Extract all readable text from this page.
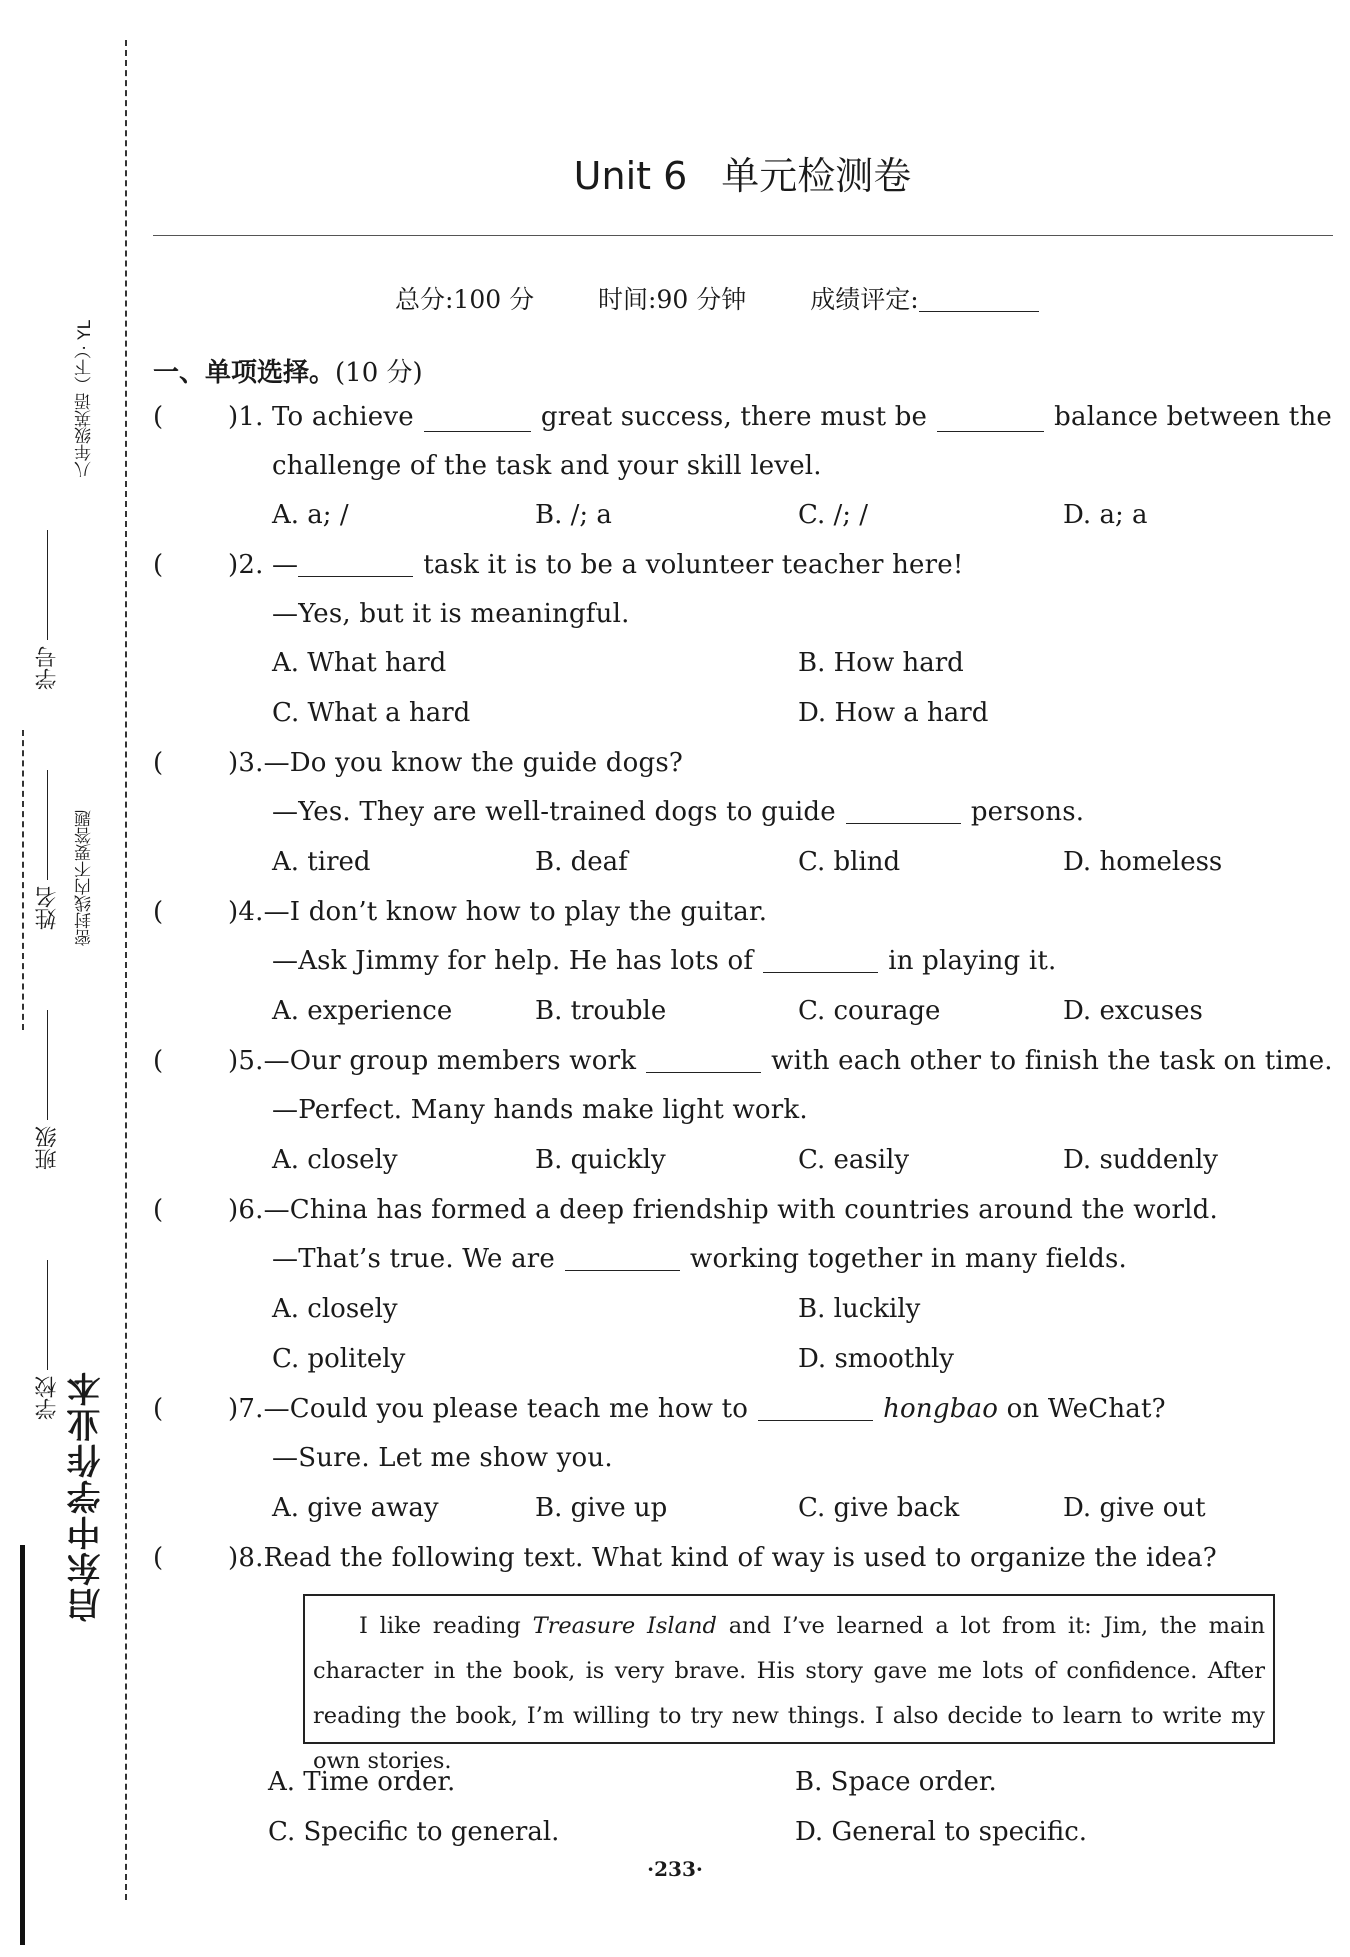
启东中学作业本
八年级英语（下）· YL
密封线内不要答题
学校
班级
姓名
学号
Unit 6 单元检测卷
总分:100 分	时间:90 分钟	成绩评定:
一、单项选择。(10 分)
( )1. To achieve	great success, there must be	balance between the
challenge of the task and your skill level.
A. a; /	B. /; a	C. /; /	D. a; a
( )2. —	task it is to be a volunteer teacher here!
—Yes, but it is meaningful.
A. What hard	B. How hard
C. What a hard	D. How a hard
( )3.—Do you know the guide dogs?
—Yes. They are well-trained dogs to guide	persons.
A. tired	B. deaf	C. blind	D. homeless
( )4.—I don’t know how to play the guitar.
—Ask Jimmy for help. He has lots of	in playing it.
A. experience	B. trouble	C. courage	D. excuses
( )5.—Our group members work	with each other to finish the task on time.
—Perfect. Many hands make light work.
A. closely	B. quickly	C. easily	D. suddenly
( )6.—China has formed a deep friendship with countries around the world.
—That’s true. We are	working together in many fields.
A. closely	B. luckily
C. politely	D. smoothly
( )7.—Could you please teach me how to	hongbao on WeChat?
—Sure. Let me show you.
A. give away	B. give up	C. give back	D. give out
( )8.Read the following text. What kind of way is used to organize the idea?
I like reading Treasure Island and I’ve learned a lot from it: Jim, the main character in the book, is very brave. His story gave me lots of confidence. After reading the book, I’m willing to try new things. I also decide to learn to write my own stories.
A. Time order.	B. Space order.
C. Specific to general.	D. General to specific.
·233·
